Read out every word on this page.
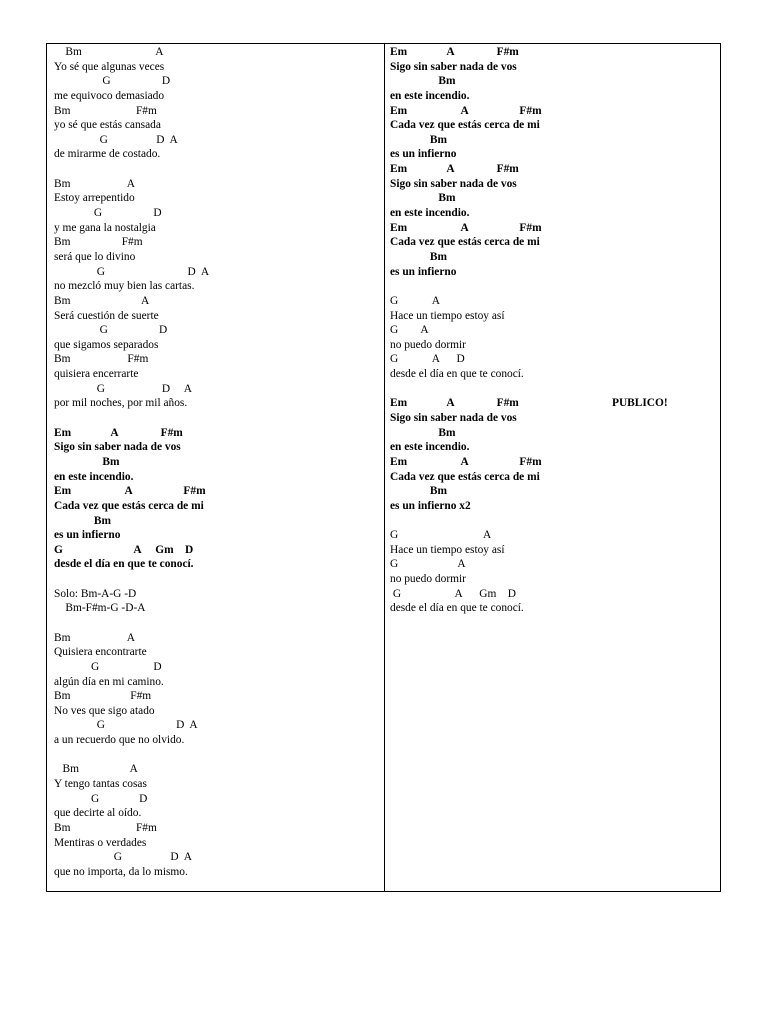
Bm                          A
Yo sé que algunas veces
G                  D
me equivoco demasiado
Bm                       F#m
yo sé que estás cansada
G                 D  A
de mirarme de costado.
Bm                    A
Estoy arrepentido
G                  D
y me gana la nostalgia
Bm                  F#m
será que lo divino
G                             D  A
no mezcló muy bien las cartas.
Bm                         A
Será cuestión de suerte
G                  D
que sigamos separados
Bm                    F#m
quisiera encerrarte
G                    D     A
por mil noches, por mil años.
Em              A               F#m
Sigo sin saber nada de vos
Bm
en este incendio.
Em                   A                  F#m
Cada vez que estás cerca de mi
Bm
es un infierno
G                         A     Gm    D
desde el día en que te conocí.
Solo: Bm-A-G -D
Bm-F#m-G -D-A
Bm                    A
Quisiera encontrarte
G                   D
algún día en mi camino.
Bm                     F#m
No ves que sigo atado
G                         D  A
a un recuerdo que no olvido.
Bm                  A
Y tengo tantas cosas
G              D
que decirte al oído.
Bm                       F#m
Mentiras o verdades
G                 D  A
que no importa, da lo mismo.
Em              A               F#m
Sigo sin saber nada de vos
Bm
en este incendio.
Em                   A                  F#m
Cada vez que estás cerca de mi
Bm
es un infierno
Em              A               F#m
Sigo sin saber nada de vos
Bm
en este incendio.
Em                   A                  F#m
Cada vez que estás cerca de mi
Bm
es un infierno
G            A
Hace un tiempo estoy así
G        A
no puedo dormir
G            A      D
desde el día en que te conocí.
Em              A               F#m	PUBLICO!
Sigo sin saber nada de vos
Bm
en este incendio.
Em                   A                  F#m
Cada vez que estás cerca de mi
Bm
es un infierno x2
G                              A
Hace un tiempo estoy así
G                     A
no puedo dormir
G                   A      Gm    D
desde el día en que te conocí.
